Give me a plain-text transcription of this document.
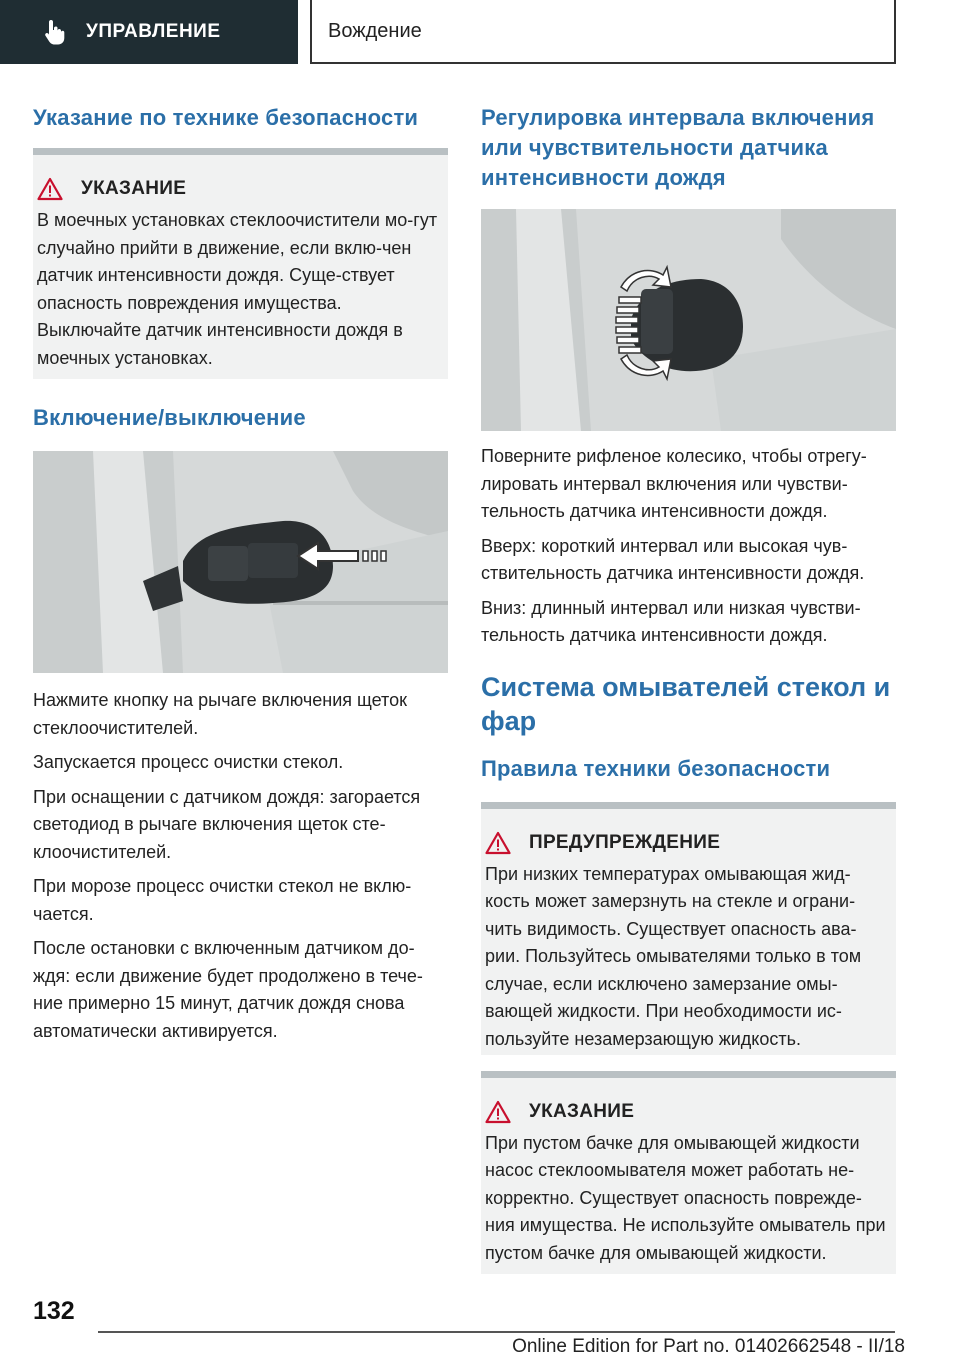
УПРАВЛЕНИЕ	Вождение
Указание по технике безопасности
УКАЗАНИЕ
В моечных установках стеклоочистители мо-гут случайно прийти в движение, если вклю-чен датчик интенсивности дождя. Суще-ствует опасность повреждения имущества. Выключайте датчик интенсивности дождя в моечных установках.
Включение/выключение

Нажмите кнопку на рычаге включения щеток стеклоочистителей.

Запускается процесс очистки стекол.

При оснащении с датчиком дождя: загорается светодиод в рычаге включения щеток сте-клоочистителей.

При морозе процесс очистки стекол не вклю-чается.

После остановки с включенным датчиком до-ждя: если движение будет продолжено в тече-ние примерно 15 минут, датчик дождя снова автоматически активируется.

Регулировка интервала включения или чувствительности датчика интенсивности дождя

Поверните рифленое колесико, чтобы отрегу-лировать интервал включения или чувстви-тельность датчика интенсивности дождя.

Вверх: короткий интервал или высокая чув-ствительность датчика интенсивности дождя.

Вниз: длинный интервал или низкая чувстви-тельность датчика интенсивности дождя.

Система омывателей стекол и фар
Правила техники безопасности
ПРЕДУПРЕЖДЕНИЕ
При низких температурах омывающая жид-кость может замерзнуть на стекле и ограни-чить видимость. Существует опасность ава-рии. Пользуйтесь омывателями только в том случае, если исключено замерзание омы-вающей жидкости. При необходимости ис-пользуйте незамерзающую жидкость.
УКАЗАНИЕ
При пустом бачке для омывающей жидкости насос стеклоомывателя может работать не-корректно. Существует опасность поврежде-ния имущества. Не используйте омыватель при пустом бачке для омывающей жидкости.
132
Online Edition for Part no. 01402662548 - II/18
